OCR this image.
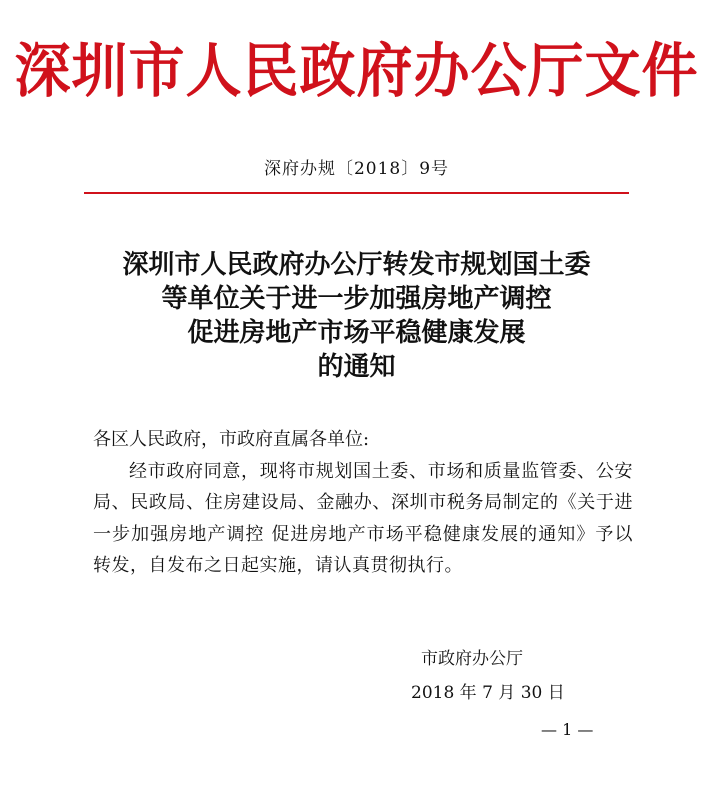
深圳市人民政府办公厅文件
深府办规〔2018〕9号
深圳市人民政府办公厅转发市规划国土委
等单位关于进一步加强房地产调控
促进房地产市场平稳健康发展
的通知
各区人民政府，市政府直属各单位:
经市政府同意，现将市规划国土委、市场和质量监管委、公安局、民政局、住房建设局、金融办、深圳市税务局制定的《关于进一步加强房地产调控 促进房地产市场平稳健康发展的通知》予以转发，自发布之日起实施，请认真贯彻执行。
市政府办公厅
2018 年 7 月 30 日
— 1 —
